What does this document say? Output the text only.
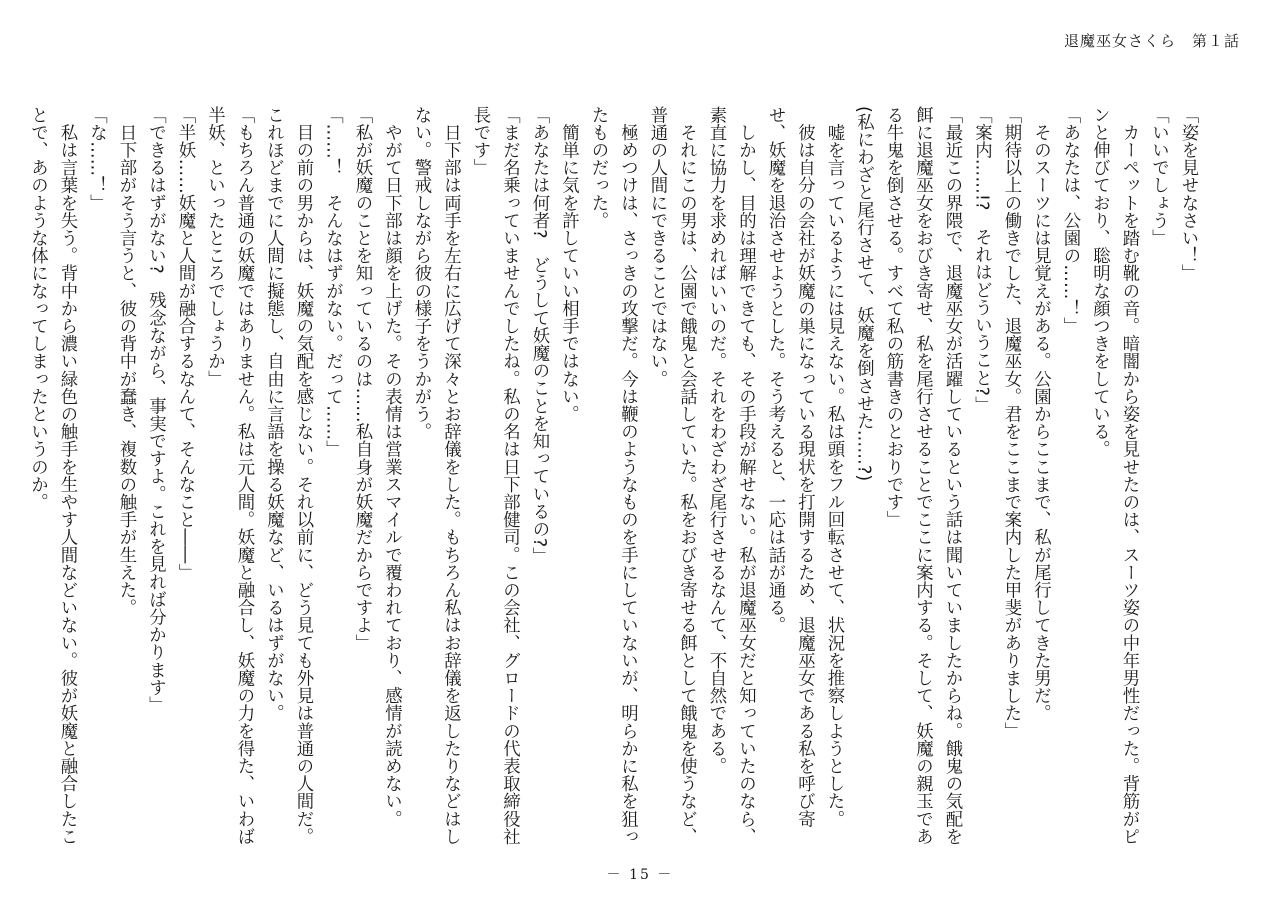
退魔巫女さくら　第１話

「姿を見せなさい！」

「いいでしょう」

　カーペットを踏む靴の音。暗闇から姿を見せたのは、スーツ姿の中年男性だった。背筋がピンと伸びており、聡明な顔つきをしている。

「あなたは、公園の……！」

　そのスーツには見覚えがある。公園からここまで、私が尾行してきた男だ。

「期待以上の働きでした、退魔巫女。君をここまで案内した甲斐がありました」

「案内……!?　それはどういうこと?」

「最近この界隈で、退魔巫女が活躍しているという話は聞いていましたからね。餓鬼の気配を餌に退魔巫女をおびき寄せ、私を尾行させることでここに案内する。そして、妖魔の親玉である牛鬼を倒させる。すべて私の筋書きのとおりです」

(私にわざと尾行させて、妖魔を倒させた……?)

　嘘を言っているようには見えない。私は頭をフル回転させて、状況を推察しようとした。

　彼は自分の会社が妖魔の巣になっている現状を打開するため、退魔巫女である私を呼び寄せ、妖魔を退治させようとした。そう考えると、一応は話が通る。

　しかし、目的は理解できても、その手段が解せない。私が退魔巫女だと知っていたのなら、素直に協力を求めればいいのだ。それをわざわざ尾行させるなんて、不自然である。

　それにこの男は、公園で餓鬼と会話していた。私をおびき寄せる餌として餓鬼を使うなど、普通の人間にできることではない。

　極めつけは、さっきの攻撃だ。今は鞭のようなものを手にしていないが、明らかに私を狙ったものだった。

　簡単に気を許していい相手ではない。

「あなたは何者?　どうして妖魔のことを知っているの?」

「まだ名乗っていませんでしたね。私の名は日下部健司。この会社、グロードの代表取締役社長です」

　日下部は両手を左右に広げて深々とお辞儀をした。もちろん私はお辞儀を返したりなどはしない。警戒しながら彼の様子をうかがう。

　やがて日下部は顔を上げた。その表情は営業スマイルで覆われており、感情が読めない。

「私が妖魔のことを知っているのは……私自身が妖魔だからですよ」

「……！　そんなはずがない。だって……」

　目の前の男からは、妖魔の気配を感じない。それ以前に、どう見ても外見は普通の人間だ。これほどまでに人間に擬態し、自由に言語を操る妖魔など、いるはずがない。

「もちろん普通の妖魔ではありません。私は元人間。妖魔と融合し、妖魔の力を得た、いわば半妖、といったところでしょうか」

「半妖……妖魔と人間が融合するなんて、そんなこと――」

「できるはずがない?　残念ながら、事実ですよ。これを見れば分かります」

　日下部がそう言うと、彼の背中が蠢き、複数の触手が生えた。

「な……！」

　私は言葉を失う。背中から濃い緑色の触手を生やす人間などいない。彼が妖魔と融合したことで、あのような体になってしまったというのか。

－ 15 －
